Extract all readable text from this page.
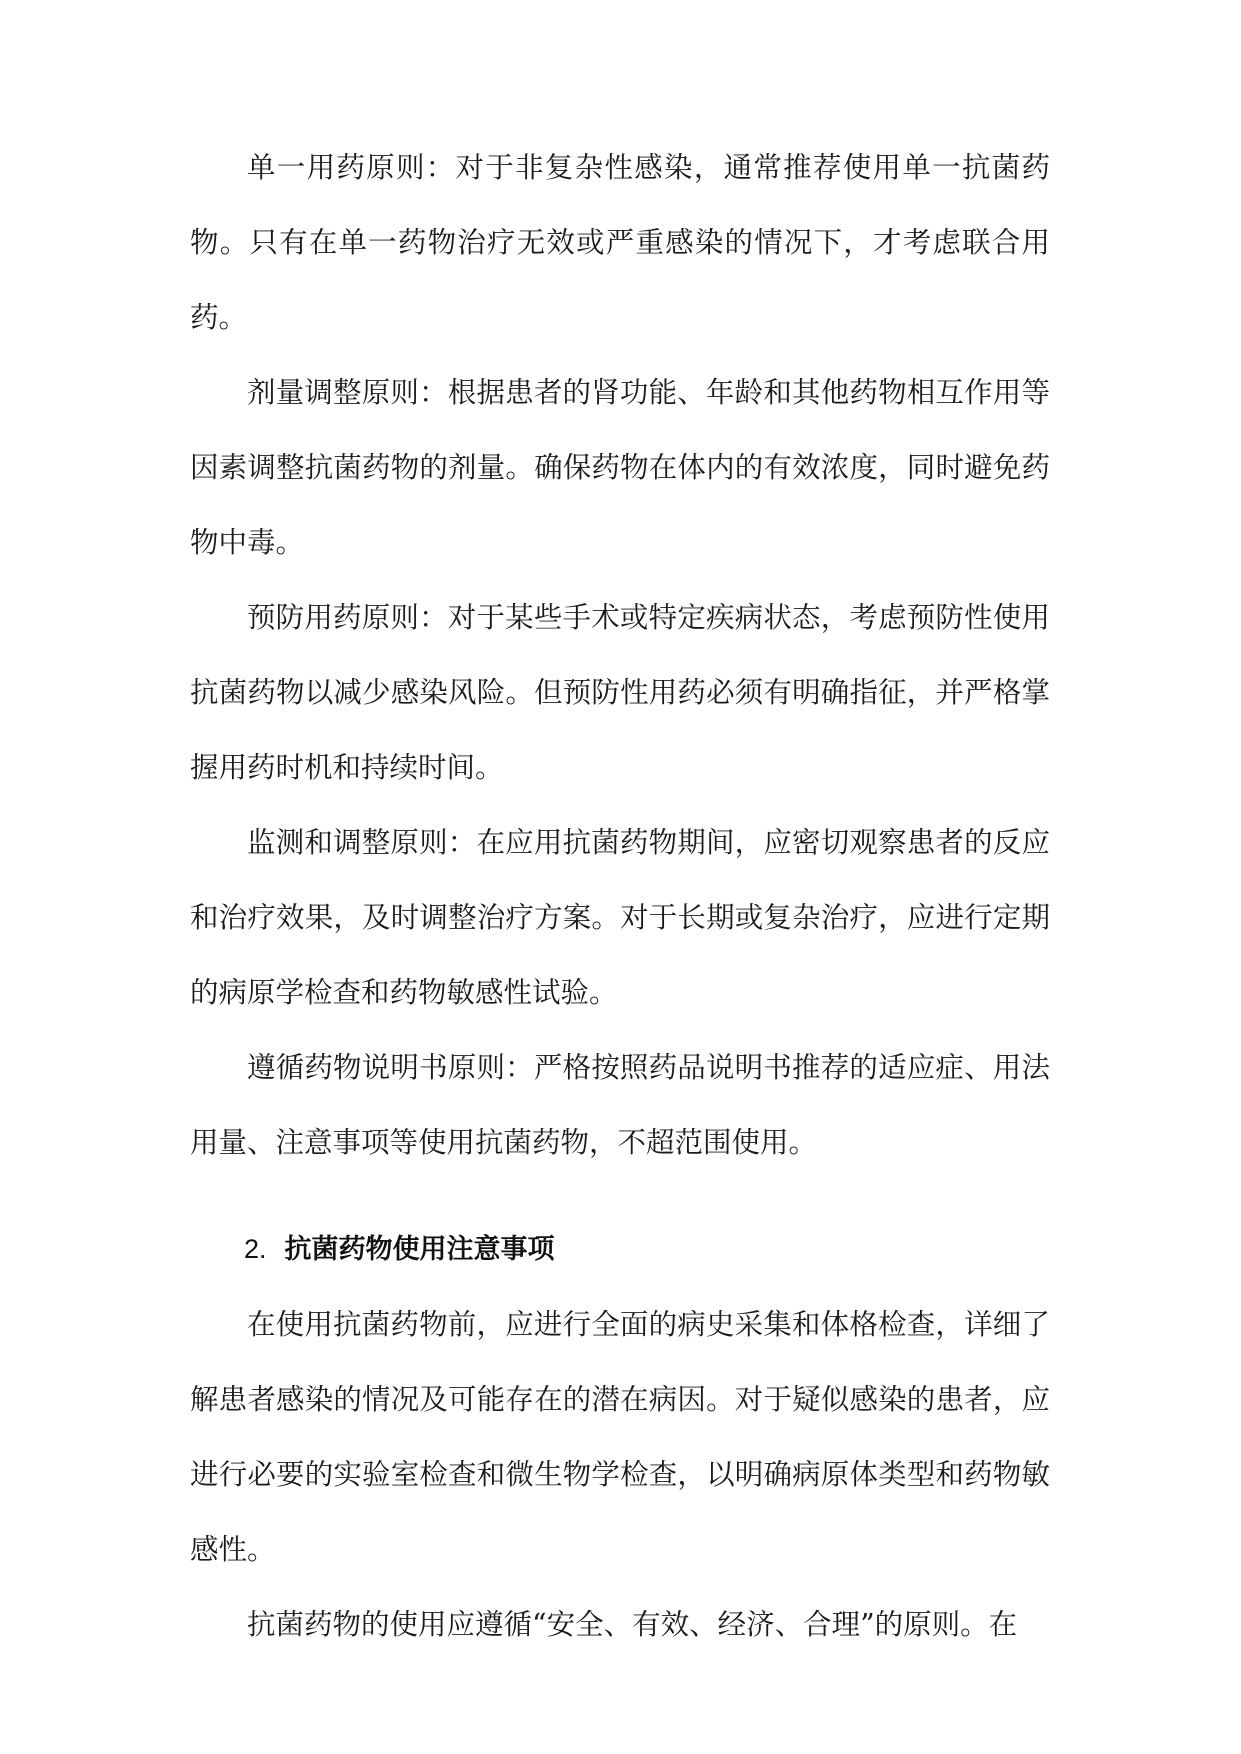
单一用药原则：对于非复杂性感染，通常推荐使用单一抗菌药物。只有在单一药物治疗无效或严重感染的情况下，才考虑联合用药。

剂量调整原则：根据患者的肾功能、年龄和其他药物相互作用等因素调整抗菌药物的剂量。确保药物在体内的有效浓度，同时避免药物中毒。

预防用药原则：对于某些手术或特定疾病状态，考虑预防性使用抗菌药物以减少感染风险。但预防性用药必须有明确指征，并严格掌握用药时机和持续时间。

监测和调整原则：在应用抗菌药物期间，应密切观察患者的反应和治疗效果，及时调整治疗方案。对于长期或复杂治疗，应进行定期的病原学检查和药物敏感性试验。

遵循药物说明书原则：严格按照药品说明书推荐的适应症、用法用量、注意事项等使用抗菌药物，不超范围使用。

2. 抗菌药物使用注意事项

在使用抗菌药物前，应进行全面的病史采集和体格检查，详细了解患者感染的情况及可能存在的潜在病因。对于疑似感染的患者，应进行必要的实验室检查和微生物学检查，以明确病原体类型和药物敏感性。

抗菌药物的使用应遵循“安全、有效、经济、合理”的原则。在
